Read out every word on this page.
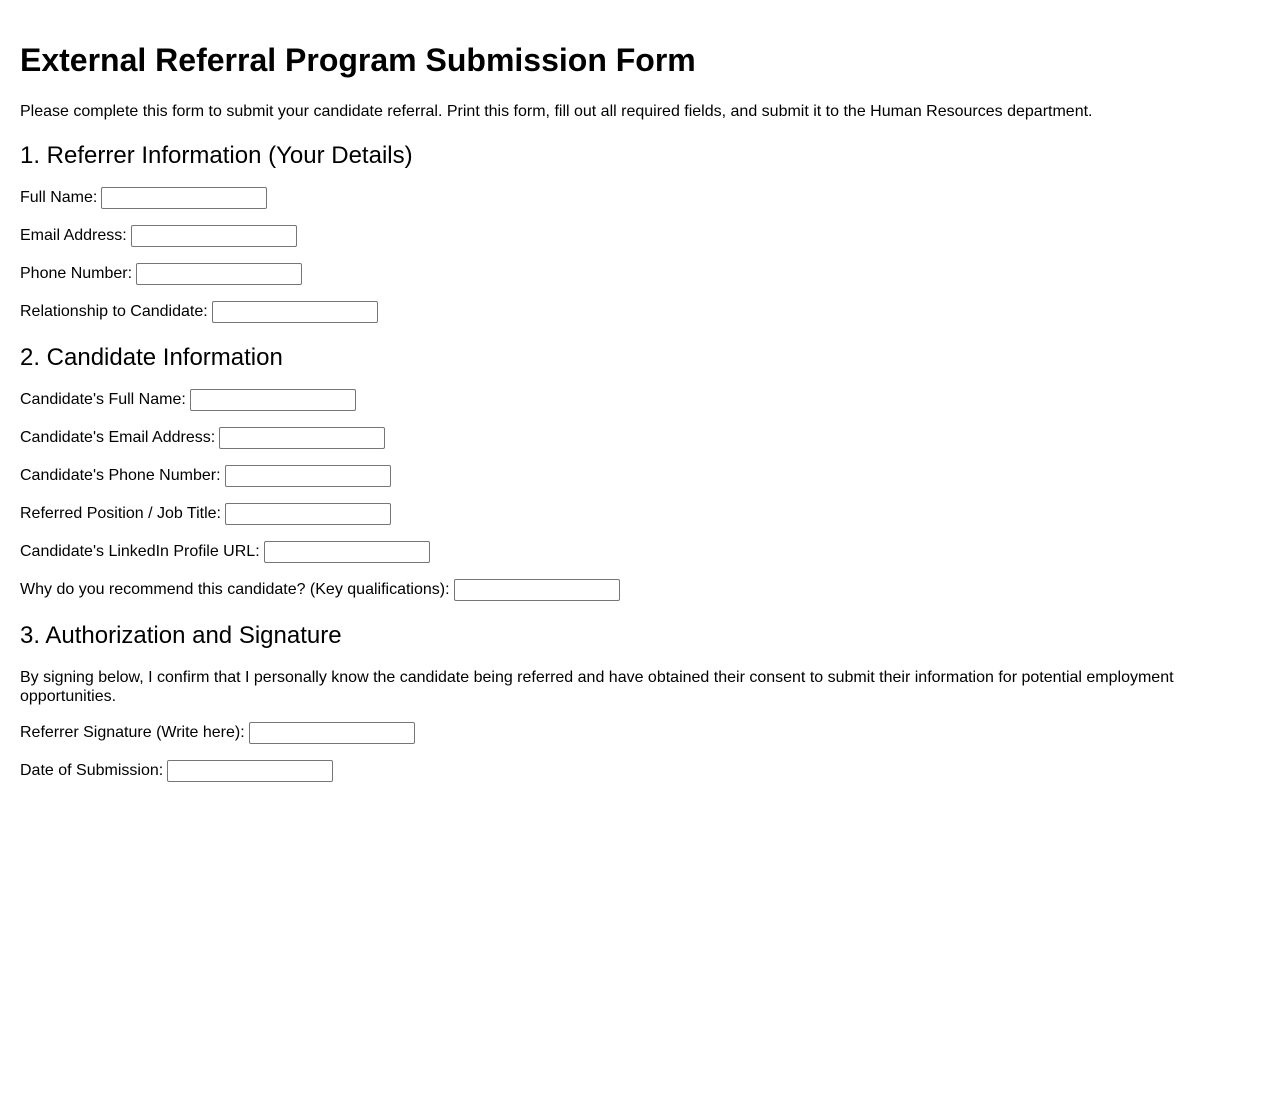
External Referral Program Submission Form

Please complete this form to submit your candidate referral. Print this form, fill out all required fields, and submit it to the Human Resources department.

1. Referrer Information (Your Details)
Full Name:
Email Address:
Phone Number:
Relationship to Candidate:
2. Candidate Information
Candidate's Full Name:
Candidate's Email Address:
Candidate's Phone Number:
Referred Position / Job Title:
Candidate's LinkedIn Profile URL:
Why do you recommend this candidate? (Key qualifications):
3. Authorization and Signature

By signing below, I confirm that I personally know the candidate being referred and have obtained their consent to submit their information for potential employment opportunities.

Referrer Signature (Write here):
Date of Submission:
